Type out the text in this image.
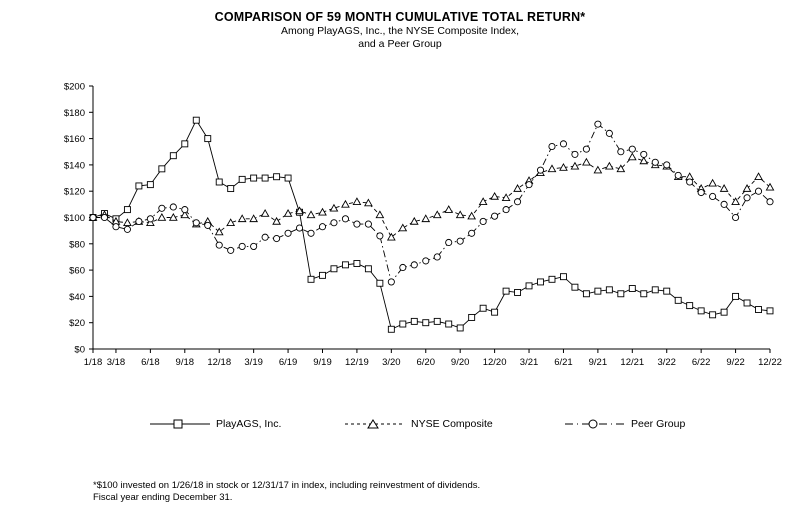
COMPARISON OF 59 MONTH CUMULATIVE TOTAL RETURN*
Among PlayAGS, Inc., the NYSE Composite Index,
and a Peer Group
$0
$20
$40
$60
$80
$100
$120
$140
$160
$180
$200
1/18 3/18 6/18 9/18 12/18 3/19 6/19 9/19 12/19 3/20 6/20 9/20 12/20 3/21 6/21 9/21 12/21 3/22 6/22 9/22 12/22
PlayAGS, Inc.	NYSE Composite	Peer Group
*$100 invested on 1/26/18 in stock or 12/31/17 in index, including reinvestment of dividends.
Fiscal year ending December 31.
